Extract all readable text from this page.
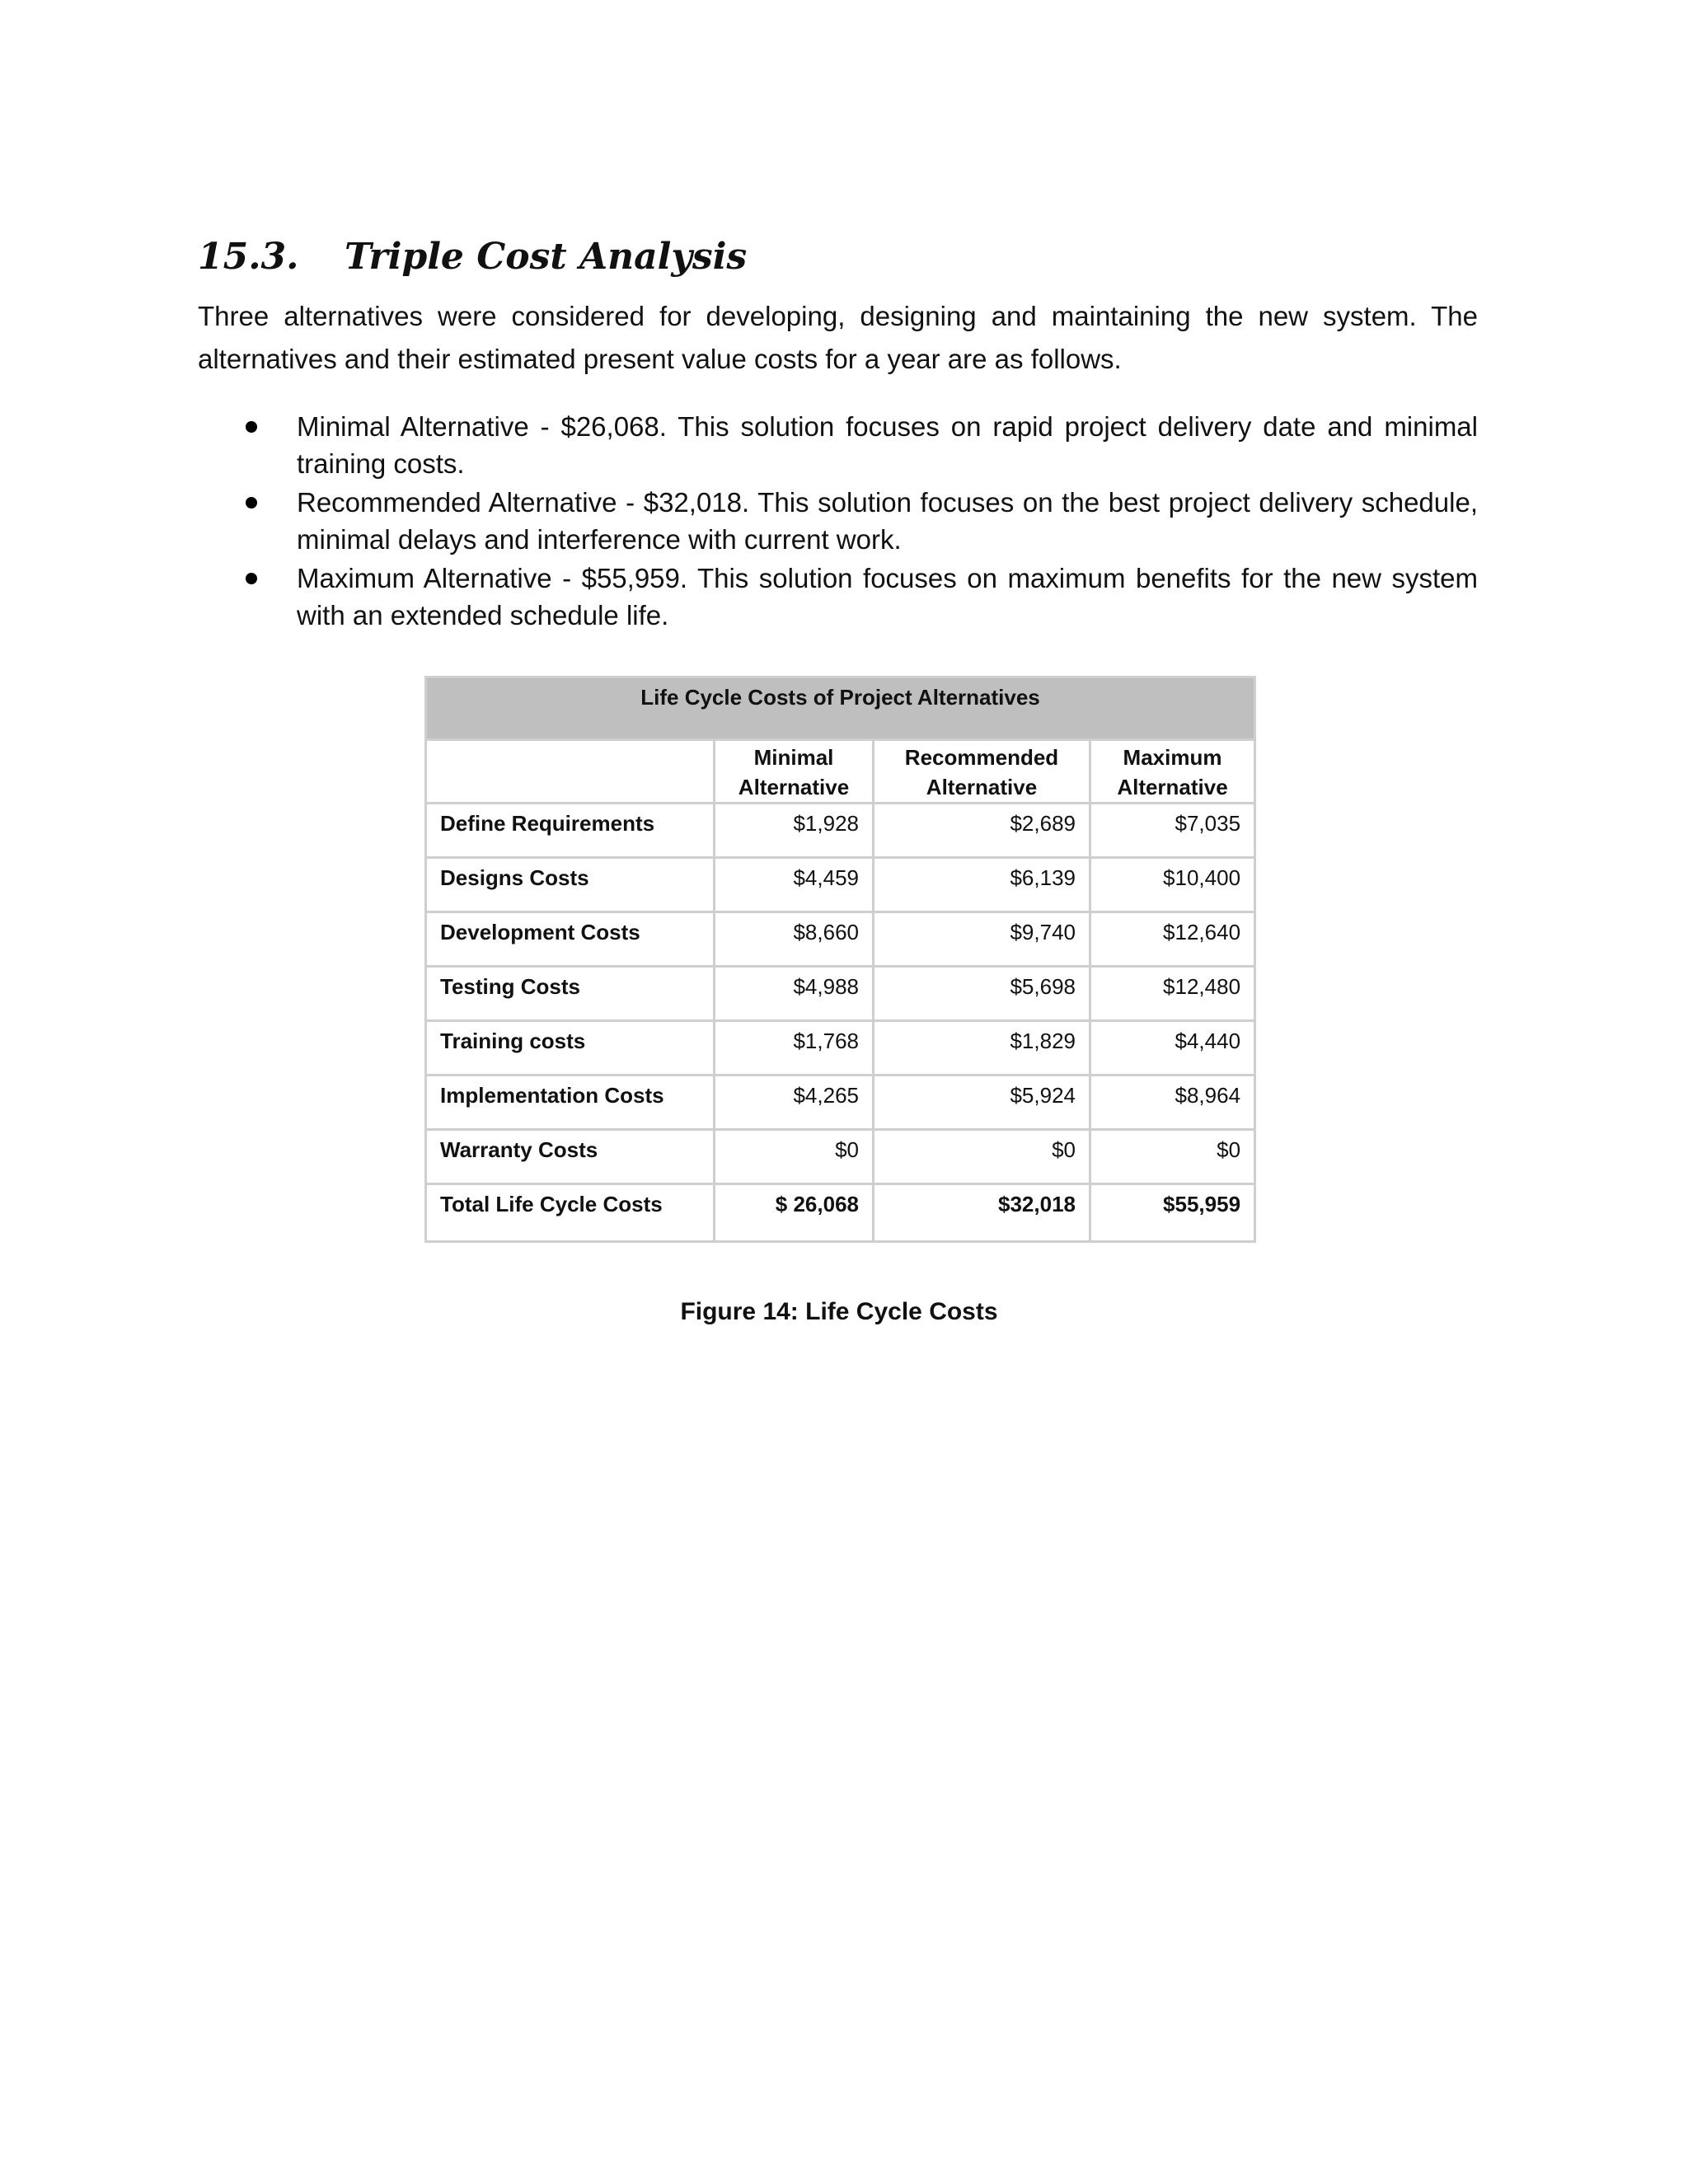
15.3. Triple Cost Analysis

Three alternatives were considered for developing, designing and maintaining the new system. The alternatives and their estimated present value costs for a year are as follows.

Minimal Alternative - $26,068. This solution focuses on rapid project delivery date and minimal training costs.
Recommended Alternative - $32,018. This solution focuses on the best project delivery schedule, minimal delays and interference with current work.
Maximum Alternative - $55,959. This solution focuses on maximum benefits for the new system with an extended schedule life.
Life Cycle Costs of Project Alternatives			
	Minimal Alternative	Recommended Alternative	Maximum Alternative
Define Requirements	$1,928	$2,689	$7,035
Designs Costs	$4,459	$6,139	$10,400
Development Costs	$8,660	$9,740	$12,640
Testing Costs	$4,988	$5,698	$12,480
Training costs	$1,768	$1,829	$4,440
Implementation Costs	$4,265	$5,924	$8,964
Warranty Costs	$0	$0	$0
Total Life Cycle Costs	$ 26,068	$32,018	$55,959

Figure 14: Life Cycle Costs
